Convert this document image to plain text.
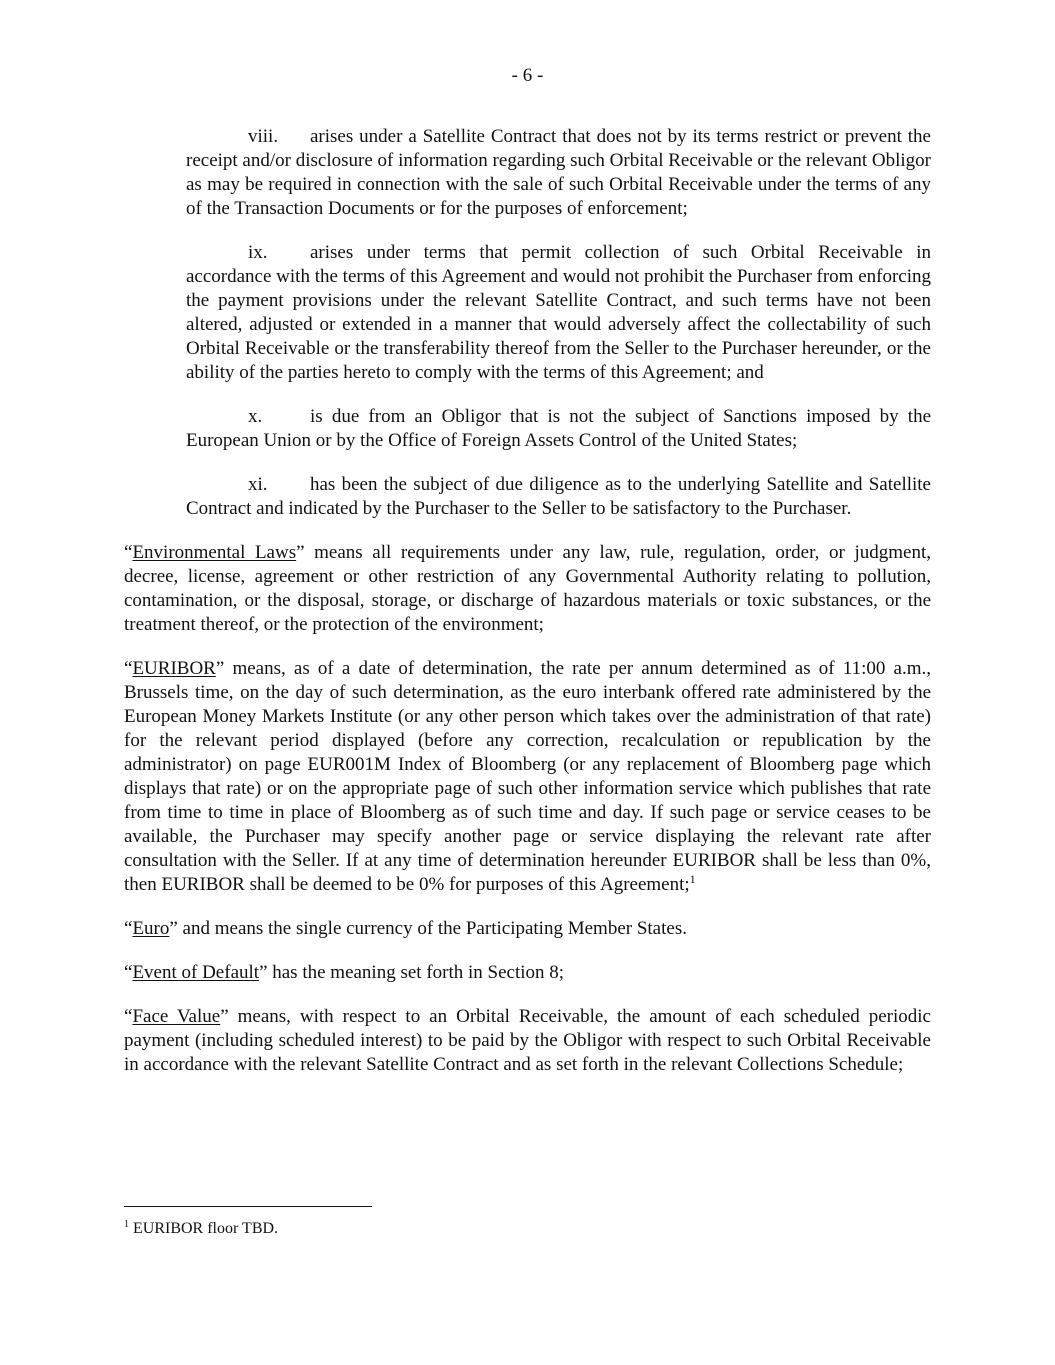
- 6 -

viii. arises under a Satellite Contract that does not by its terms restrict or prevent the receipt and/or disclosure of information regarding such Orbital Receivable or the relevant Obligor as may be required in connection with the sale of such Orbital Receivable under the terms of any of the Transaction Documents or for the purposes of enforcement;

ix. arises under terms that permit collection of such Orbital Receivable in accordance with the terms of this Agreement and would not prohibit the Purchaser from enforcing the payment provisions under the relevant Satellite Contract, and such terms have not been altered, adjusted or extended in a manner that would adversely affect the collectability of such Orbital Receivable or the transferability thereof from the Seller to the Purchaser hereunder, or the ability of the parties hereto to comply with the terms of this Agreement; and

x.	is due from an Obligor that is not the subject of Sanctions imposed by the European Union or by the Office of Foreign Assets Control of the United States;

xi. has been the subject of due diligence as to the underlying Satellite and Satellite Contract and indicated by the Purchaser to the Seller to be satisfactory to the Purchaser.

“Environmental Laws” means all requirements under any law, rule, regulation, order, or judgment, decree, license, agreement or other restriction of any Governmental Authority relating to pollution, contamination, or the disposal, storage, or discharge of hazardous materials or toxic substances, or the treatment thereof, or the protection of the environment;

“EURIBOR” means, as of a date of determination, the rate per annum determined as of 11:00 a.m., Brussels time, on the day of such determination, as the euro interbank offered rate administered by the European Money Markets Institute (or any other person which takes over the administration of that rate) for the relevant period displayed (before any correction, recalculation or republication by the administrator) on page EUR001M Index of Bloomberg (or any replacement of Bloomberg page which displays that rate) or on the appropriate page of such other information service which publishes that rate from time to time in place of Bloomberg as of such time and day. If such page or service ceases to be available, the Purchaser may specify another page or service displaying the relevant rate after consultation with the Seller. If at any time of determination hereunder EURIBOR shall be less than 0%, then EURIBOR shall be deemed to be 0% for purposes of this Agreement;$^1$

“Euro” and means the single currency of the Participating Member States.

“Event of Default” has the meaning set forth in Section 8;

“Face Value” means, with respect to an Orbital Receivable, the amount of each scheduled periodic payment (including scheduled interest) to be paid by the Obligor with respect to such Orbital Receivable in accordance with the relevant Satellite Contract and as set forth in the relevant Collections Schedule;

$^1$ EURIBOR floor TBD.
